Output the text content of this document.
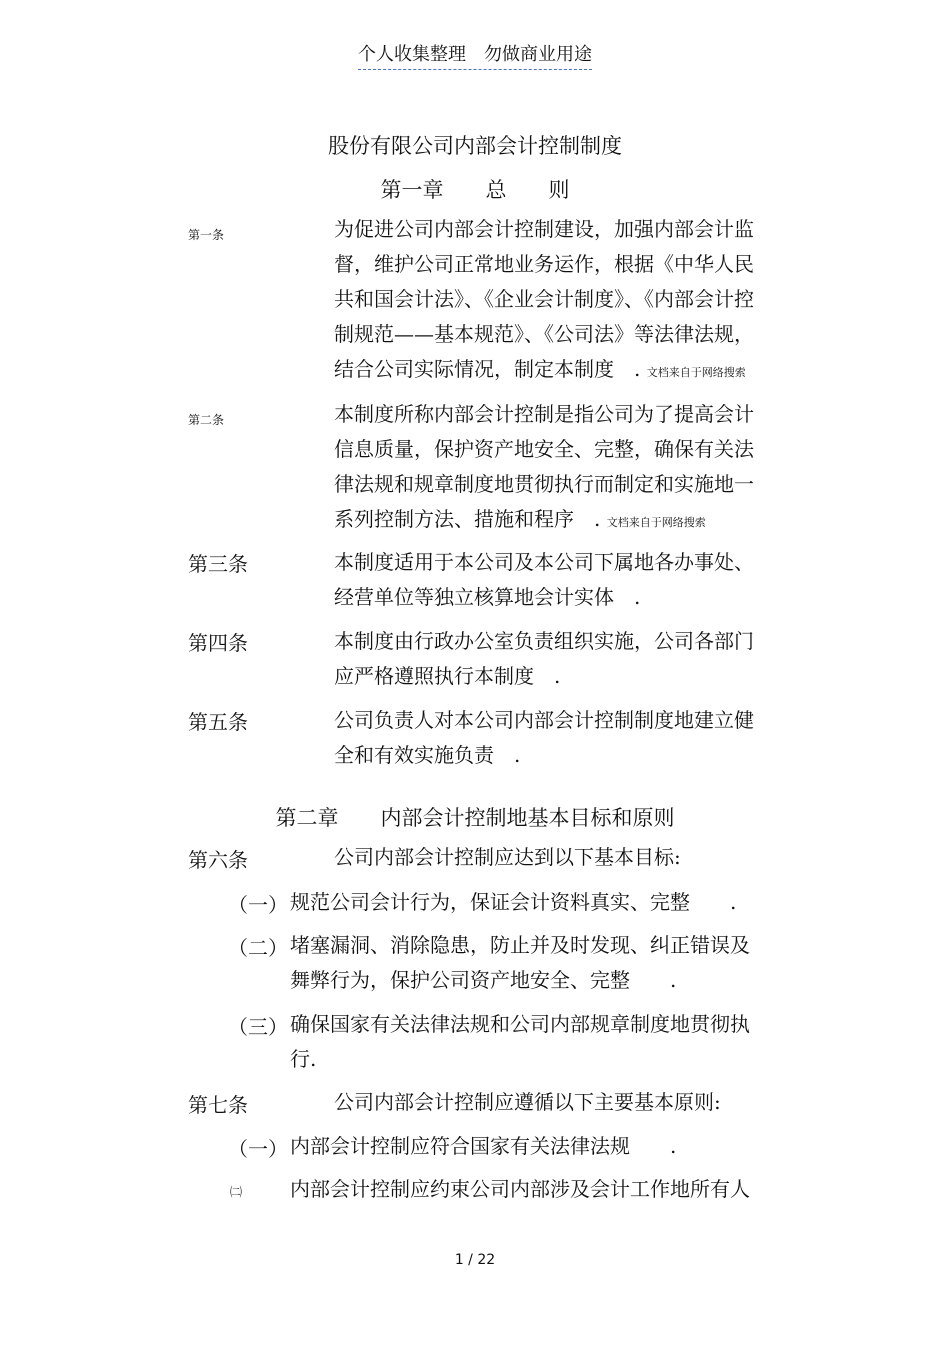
个人收集整理　勿做商业用途
股份有限公司内部会计控制制度
第一章　　总　　则
第一条	为促进公司内部会计控制建设，加强内部会计监
督，维护公司正常地业务运作，根据《中华人民
共和国会计法》、《企业会计制度》、《内部会计控
制规范——基本规范》、《公司法》等法律法规，
结合公司实际情况，制定本制度　. 文档来自于网络搜索
第二条	本制度所称内部会计控制是指公司为了提高会计
信息质量，保护资产地安全、完整，确保有关法
律法规和规章制度地贯彻执行而制定和实施地一
系列控制方法、措施和程序　. 文档来自于网络搜索
第三条	本制度适用于本公司及本公司下属地各办事处、
经营单位等独立核算地会计实体　.
第四条	本制度由行政办公室负责组织实施，公司各部门
应严格遵照执行本制度　.
第五条	公司负责人对本公司内部会计控制制度地建立健
全和有效实施负责　.
第二章　　内部会计控制地基本目标和原则
第六条	公司内部会计控制应达到以下基本目标:
（一） 规范公司会计行为，保证会计资料真实、完整　　.
（二） 堵塞漏洞、消除隐患，防止并及时发现、纠正错误及
舞弊行为，保护公司资产地安全、完整　　.
（三） 确保国家有关法律法规和公司内部规章制度地贯彻执
行.
第七条	公司内部会计控制应遵循以下主要基本原则:
（一） 内部会计控制应符合国家有关法律法规　　.
㈡ 内部会计控制应约束公司内部涉及会计工作地所有人
1 / 22
